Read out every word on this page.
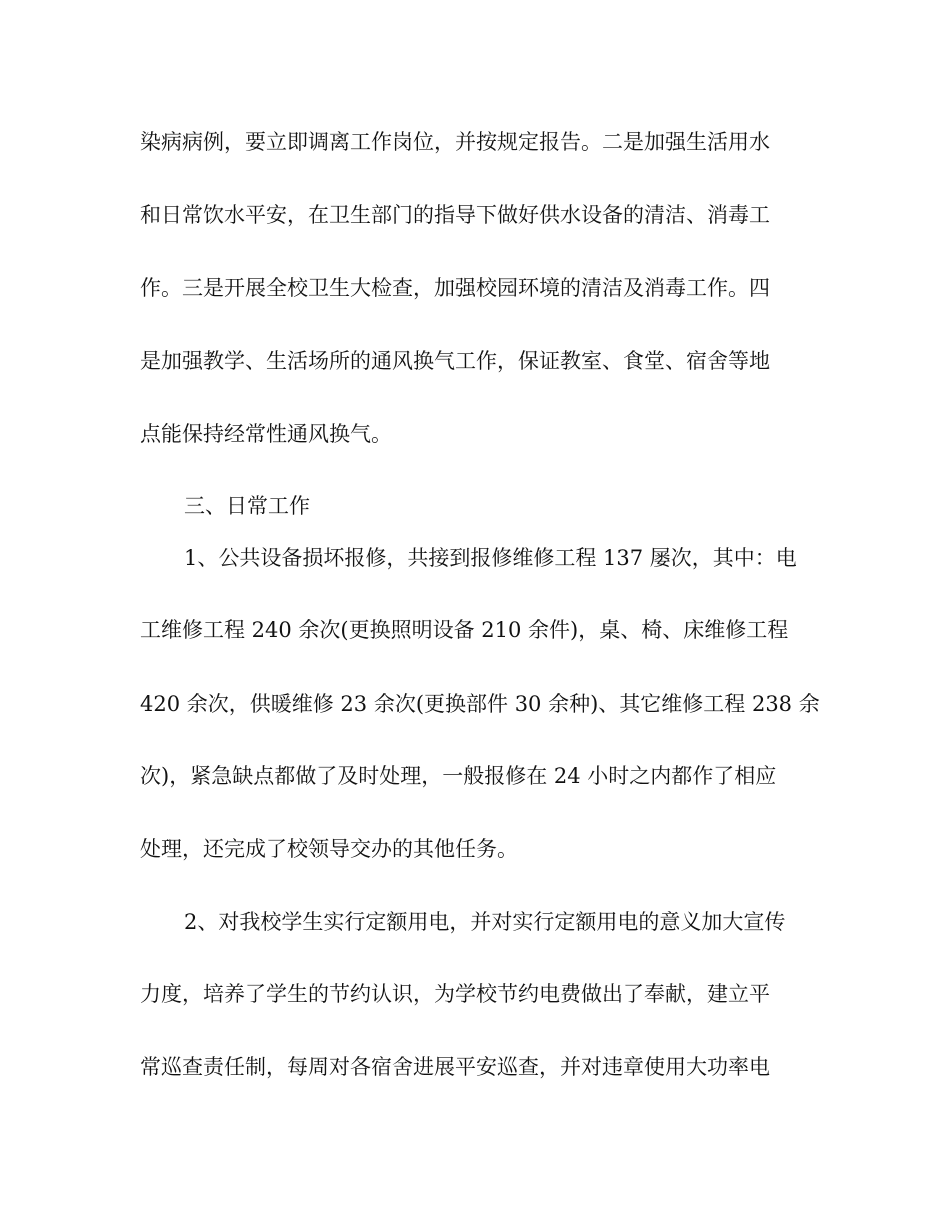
染病病例，要立即调离工作岗位，并按规定报告。二是加强生活用水
和日常饮水平安，在卫生部门的指导下做好供水设备的清洁、消毒工
作。三是开展全校卫生大检查，加强校园环境的清洁及消毒工作。四
是加强教学、生活场所的通风换气工作，保证教室、食堂、宿舍等地
点能保持经常性通风换气。
三、日常工作
1、公共设备损坏报修，共接到报修维修工程 137 屡次，其中：电
工维修工程 240 余次(更换照明设备 210 余件)，桌、椅、床维修工程
420 余次，供暖维修 23 余次(更换部件 30 余种)、其它维修工程 238 余
次)，紧急缺点都做了及时处理，一般报修在 24 小时之内都作了相应
处理，还完成了校领导交办的其他任务。
2、对我校学生实行定额用电，并对实行定额用电的意义加大宣传
力度，培养了学生的节约认识，为学校节约电费做出了奉献，建立平
常巡查责任制，每周对各宿舍进展平安巡查，并对违章使用大功率电
